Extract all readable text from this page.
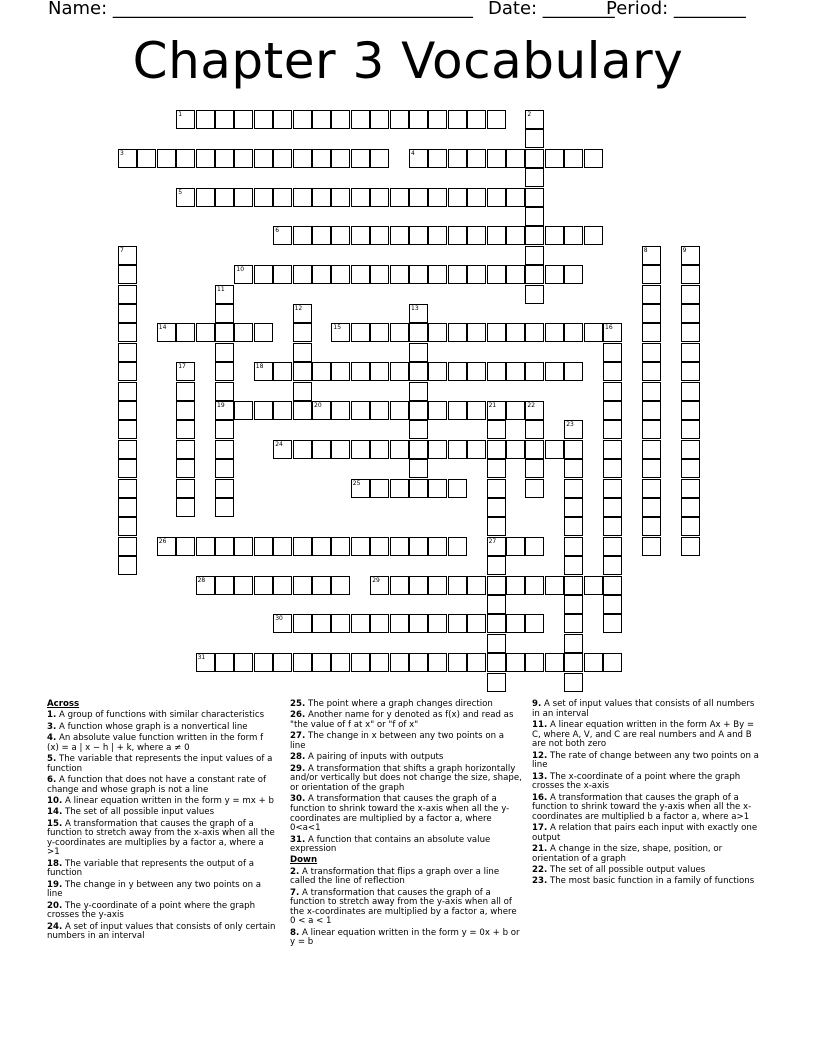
Name: ________________________________________ Date: ________
Period: ________
Chapter 3 Vocabulary
1
3	4
5
6
10
14	15	16
18
19	20	21	22
24
25
26	27
28	29
30
31
2
7	8	9
11
12	13
17
23
Across
1. A group of functions with similar characteristics
3. A function whose graph is a nonvertical line
4. An absolute value function written in the form f (x) = a | x − h | + k, where a ≠ 0
5. The variable that represents the input values of a function
6. A function that does not have a constant rate of change and whose graph is not a line
10. A linear equation written in the form y = mx + b
14. The set of all possible input values
15. A transformation that causes the graph of a function to stretch away from the x-axis when all the y-coordinates are multiplies by a factor a, where a >1
18. The variable that represents the output of a function
19. The change in y between any two points on a line
20. The y-coordinate of a point where the graph crosses the y-axis
24. A set of input values that consists of only certain numbers in an interval
25. The point where a graph changes direction
26. Another name for y denoted as f(x) and read as "the value of f at x" or "f of x"
27. The change in x between any two points on a line
28. A pairing of inputs with outputs
29. A transformation that shifts a graph horizontally and/or vertically but does not change the size, shape, or orientation of the graph
30. A transformation that causes the graph of a function to shrink toward the x-axis when all the y-coordinates are multiplied by a factor a, where 0<a<1
31. A function that contains an absolute value expression
Down
2. A transformation that flips a graph over a line called the line of reflection
7. A transformation that causes the graph of a function to stretch away from the y-axis when all of the x-coordinates are multiplied by a factor a, where 0 < a < 1
8. A linear equation written in the form y = 0x + b or y = b
9. A set of input values that consists of all numbers in an interval
11. A linear equation written in the form Ax + By = C, where A, V, and C are real numbers and A and B are not both zero
12. The rate of change between any two points on a line
13. The x-coordinate of a point where the graph crosses the x-axis
16. A transformation that causes the graph of a function to shrink toward the y-axis when all the x-coordinates are multiplied b a factor a, where a>1
17. A relation that pairs each input with exactly one output
21. A change in the size, shape, position, or orientation of a graph
22. The set of all possible output values
23. The most basic function in a family of functions
